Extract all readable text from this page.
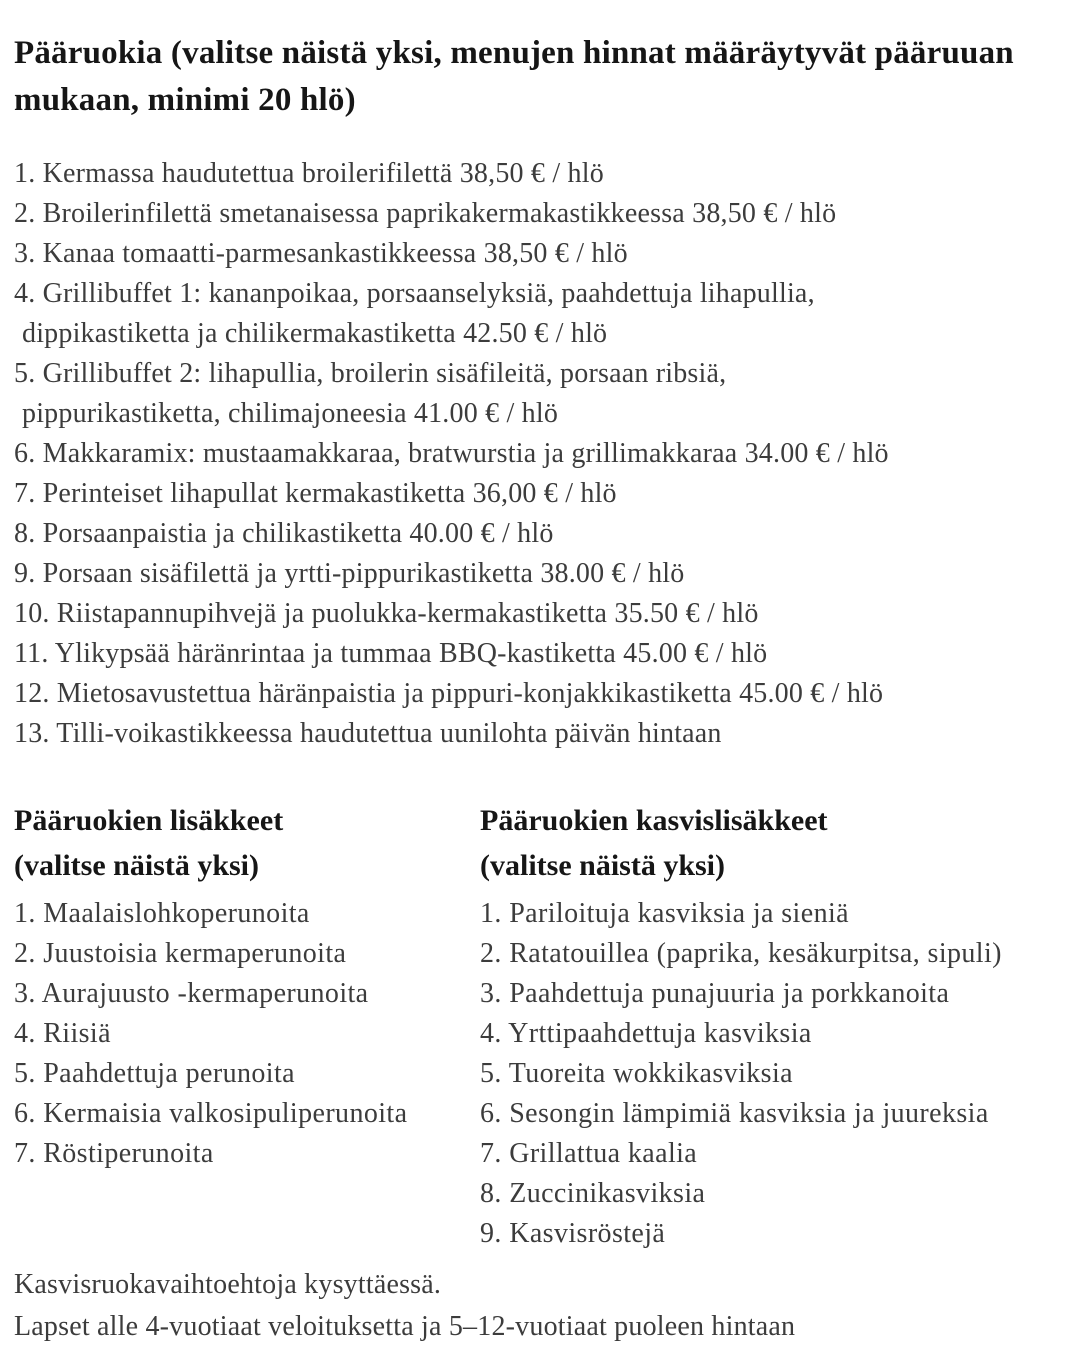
Pääruokia (valitse näistä yksi, menujen hinnat määräytyvät pääruuan
mukaan, minimi 20 hlö)
1. Kermassa haudutettua broilerifilettä 38,50 € / hlö
2. Broilerinfilettä smetanaisessa paprikakermakastikkeessa 38,50 € / hlö
3. Kanaa tomaatti-parmesankastikkeessa 38,50 € / hlö
4. Grillibuffet 1: kananpoikaa, porsaanselyksiä, paahdettuja lihapullia,
dippikastiketta ja chilikermakastiketta 42.50 € / hlö
5. Grillibuffet 2: lihapullia, broilerin sisäfileitä, porsaan ribsiä,
pippurikastiketta, chilimajoneesia 41.00 € / hlö
6. Makkaramix: mustaamakkaraa, bratwurstia ja grillimakkaraa 34.00 € / hlö
7. Perinteiset lihapullat kermakastiketta 36,00 € / hlö
8. Porsaanpaistia ja chilikastiketta 40.00 € / hlö
9. Porsaan sisäfilettä ja yrtti-pippurikastiketta 38.00 € / hlö
10. Riistapannupihvejä ja puolukka-kermakastiketta 35.50 € / hlö
11. Ylikypsää häränrintaa ja tummaa BBQ-kastiketta 45.00 € / hlö
12. Mietosavustettua häränpaistia ja pippuri-konjakkikastiketta 45.00 € / hlö
13. Tilli-voikastikkeessa haudutettua uunilohta päivän hintaan
Pääruokien lisäkkeet
(valitse näistä yksi)
1. Maalaislohkoperunoita
2. Juustoisia kermaperunoita
3. Aurajuusto -kermaperunoita
4. Riisiä
5. Paahdettuja perunoita
6. Kermaisia valkosipuliperunoita
7. Röstiperunoita
Pääruokien kasvislisäkkeet
(valitse näistä yksi)
1. Pariloituja kasviksia ja sieniä
2. Ratatouillea (paprika, kesäkurpitsa, sipuli)
3. Paahdettuja punajuuria ja porkkanoita
4. Yrttipaahdettuja kasviksia
5. Tuoreita wokkikasviksia
6. Sesongin lämpimiä kasviksia ja juureksia
7. Grillattua kaalia
8. Zuccinikasviksia
9. Kasvisröstejä
Kasvisruokavaihtoehtoja kysyttäessä.
Lapset alle 4-vuotiaat veloituksetta ja 5–12-vuotiaat puoleen hintaan
